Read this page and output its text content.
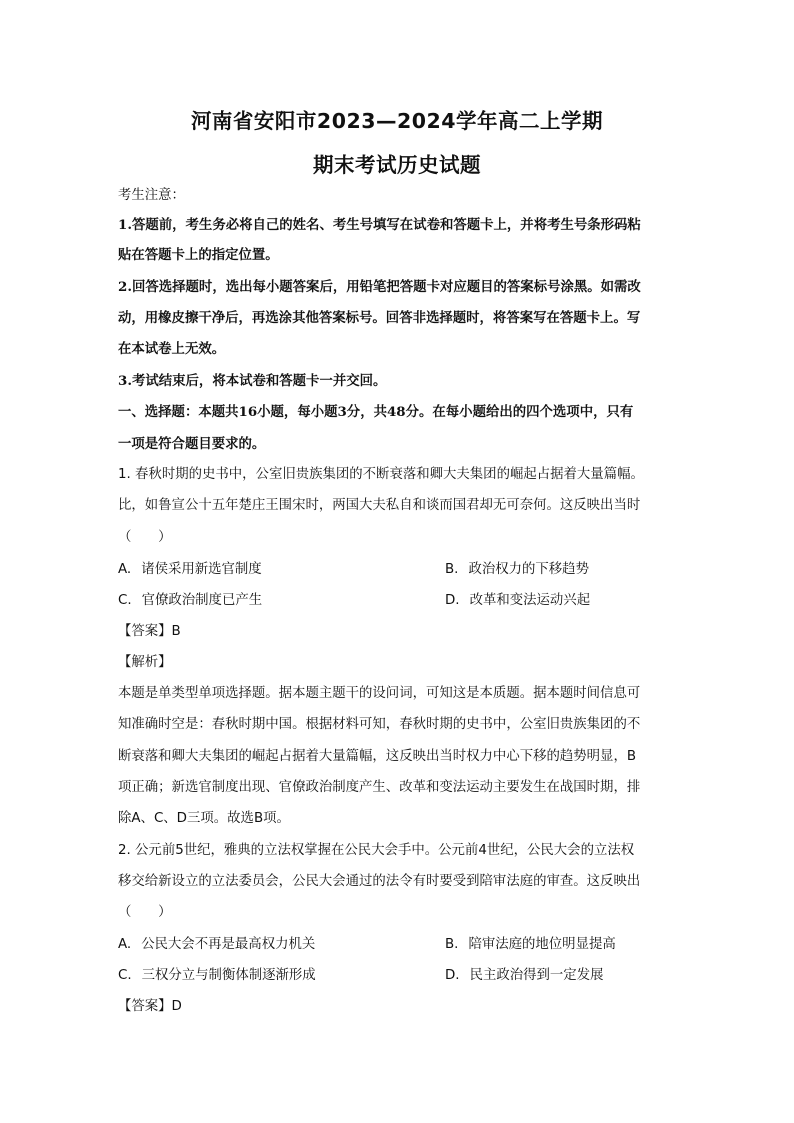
河南省安阳市2023—2024学年高二上学期
期末考试历史试题
考生注意：
1.答题前，考生务必将自己的姓名、考生号填写在试卷和答题卡上，并将考生号条形码粘
贴在答题卡上的指定位置。
2.回答选择题时，选出每小题答案后，用铅笔把答题卡对应题目的答案标号涂黑。如需改
动，用橡皮擦干净后，再选涂其他答案标号。回答非选择题时，将答案写在答题卡上。写
在本试卷上无效。
3.考试结束后，将本试卷和答题卡一并交回。
一、选择题：本题共16小题，每小题3分，共48分。在每小题给出的四个选项中，只有
一项是符合题目要求的。
1. 春秋时期的史书中，公室旧贵族集团的不断衰落和卿大夫集团的崛起占据着大量篇幅。
比，如鲁宣公十五年楚庄王围宋时，两国大夫私自和谈而国君却无可奈何。这反映出当时
（　　）
A. 诸侯采用新选官制度	B. 政治权力的下移趋势
C. 官僚政治制度已产生	D. 改革和变法运动兴起
【答案】B
【解析】
本题是单类型单项选择题。据本题主题干的设问词，可知这是本质题。据本题时间信息可
知准确时空是：春秋时期中国。根据材料可知，春秋时期的史书中，公室旧贵族集团的不
断衰落和卿大夫集团的崛起占据着大量篇幅，这反映出当时权力中心下移的趋势明显，B
项正确；新选官制度出现、官僚政治制度产生、改革和变法运动主要发生在战国时期，排
除A、C、D三项。故选B项。
2. 公元前5世纪，雅典的立法权掌握在公民大会手中。公元前4世纪，公民大会的立法权
移交给新设立的立法委员会，公民大会通过的法令有时要受到陪审法庭的审查。这反映出
（　　）
A. 公民大会不再是最高权力机关	B. 陪审法庭的地位明显提高
C. 三权分立与制衡体制逐渐形成	D. 民主政治得到一定发展
【答案】D
